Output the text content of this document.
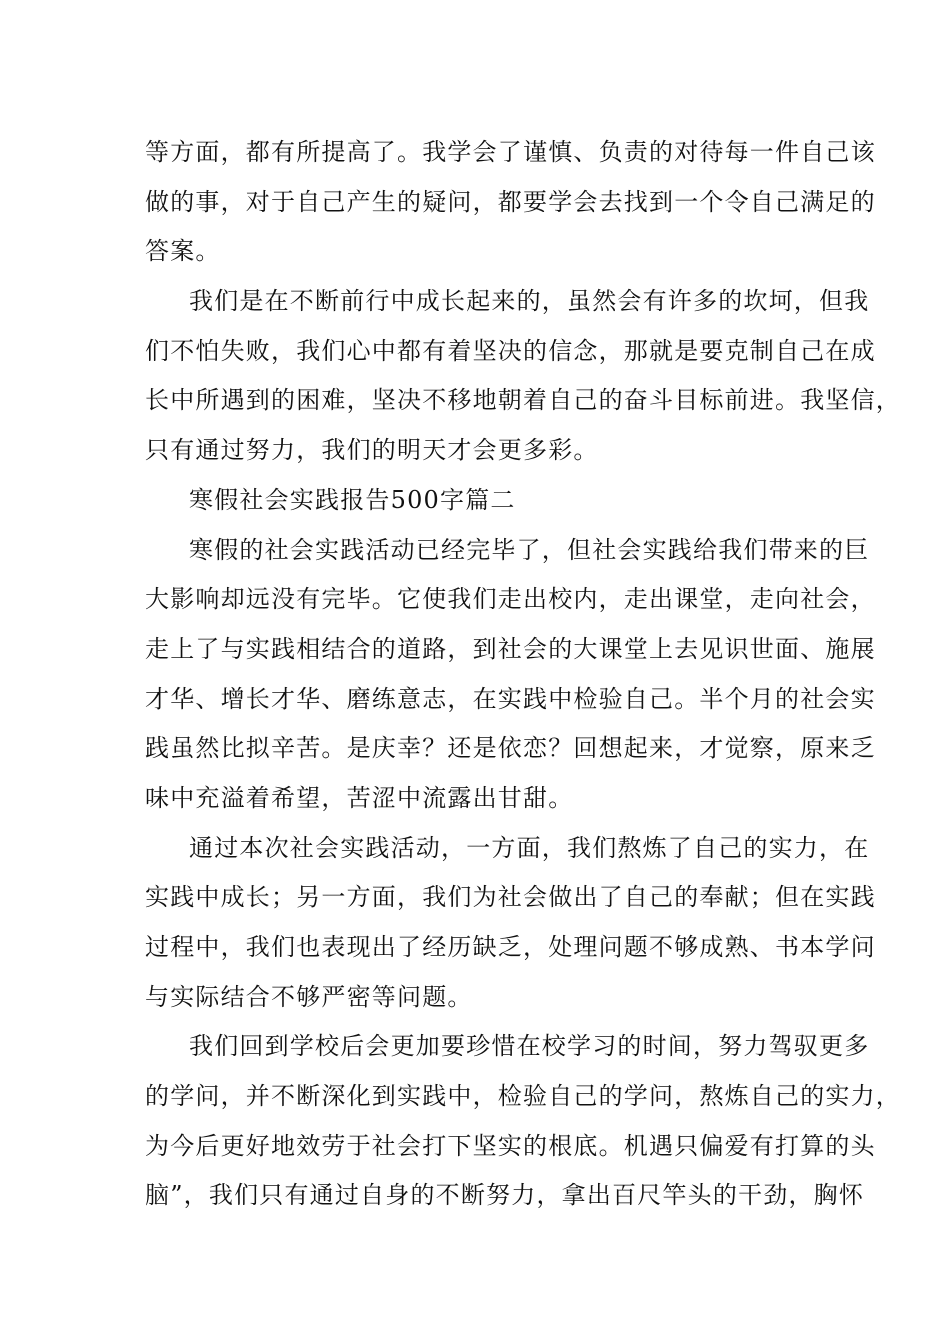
等方面，都有所提高了。我学会了谨慎、负责的对待每一件自己该
做的事，对于自己产生的疑问，都要学会去找到一个令自己满足的
答案。
我们是在不断前行中成长起来的，虽然会有许多的坎坷，但我
们不怕失败，我们心中都有着坚决的信念，那就是要克制自己在成
长中所遇到的困难，坚决不移地朝着自己的奋斗目标前进。我坚信，
只有通过努力，我们的明天才会更多彩。
寒假社会实践报告500字篇二
寒假的社会实践活动已经完毕了，但社会实践给我们带来的巨
大影响却远没有完毕。它使我们走出校内，走出课堂，走向社会，
走上了与实践相结合的道路，到社会的大课堂上去见识世面、施展
才华、增长才华、磨练意志，在实践中检验自己。半个月的社会实
践虽然比拟辛苦。是庆幸？还是依恋？回想起来，才觉察，原来乏
味中充溢着希望，苦涩中流露出甘甜。
通过本次社会实践活动，一方面，我们熬炼了自己的实力，在
实践中成长；另一方面，我们为社会做出了自己的奉献；但在实践
过程中，我们也表现出了经历缺乏，处理问题不够成熟、书本学问
与实际结合不够严密等问题。
我们回到学校后会更加要珍惜在校学习的时间，努力驾驭更多
的学问，并不断深化到实践中，检验自己的学问，熬炼自己的实力，
为今后更好地效劳于社会打下坚实的根底。机遇只偏爱有打算的头
脑”，我们只有通过自身的不断努力，拿出百尺竿头的干劲，胸怀
